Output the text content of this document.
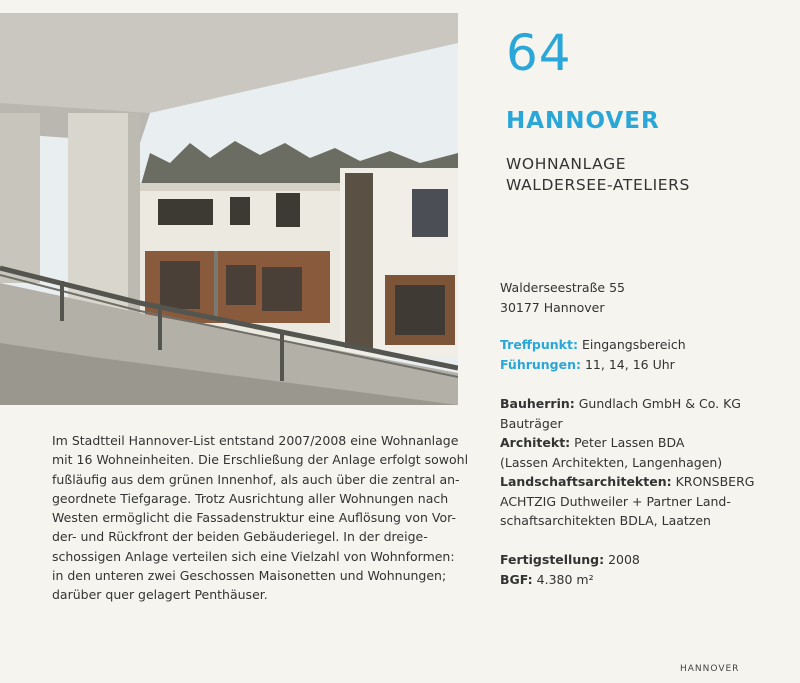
64
HANNOVER
WOHNANLAGE
WALDERSEE-ATELIERS
Walderseestraße 55
30177 Hannover
Treffpunkt: Eingangsbereich
Führungen: 11, 14, 16 Uhr
Bauherrin: Gundlach GmbH & Co. KG
Bauträger
Architekt: Peter Lassen BDA
(Lassen Architekten, Langenhagen)
Landschaftsarchitekten: KRONSBERG
ACHTZIG Duthweiler + Partner Land-
schaftsarchitekten BDLA, Laatzen
Fertigstellung: 2008
BGF: 4.380 m²
Im Stadtteil Hannover-List entstand 2007/2008 eine Wohnanlage
mit 16 Wohneinheiten. Die Erschließung der Anlage erfolgt sowohl
fußläufig aus dem grünen Innenhof, als auch über die zentral an-
geordnete Tiefgarage. Trotz Ausrichtung aller Wohnungen nach
Westen ermöglicht die Fassadenstruktur eine Auflösung von Vor-
der- und Rückfront der beiden Gebäuderiegel. In der dreige-
schossigen Anlage verteilen sich eine Vielzahl von Wohnformen:
in den unteren zwei Geschossen Maisonetten und Wohnungen;
darüber quer gelagert Penthäuser.
HANNOVER
